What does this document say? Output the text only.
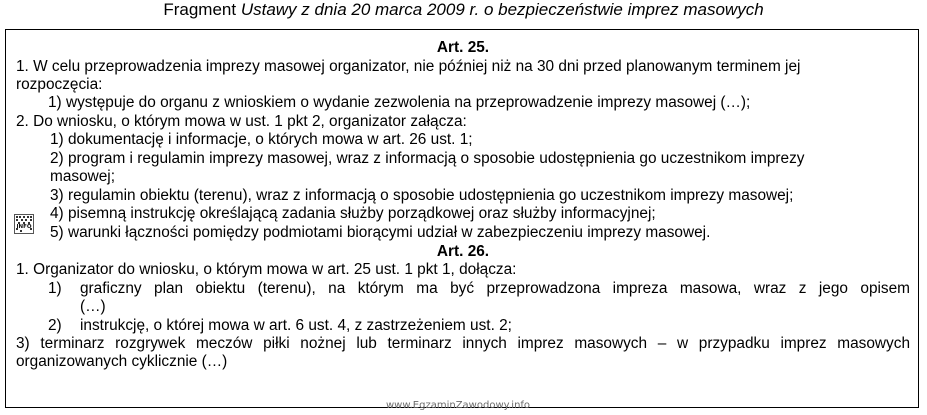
Fragment Ustawy z dnia 20 marca 2009 r. o bezpieczeństwie imprez masowych
Art. 25.
1. W celu przeprowadzenia imprezy masowej organizator, nie później niż na 30 dni przed planowanym terminem jej
rozpoczęcia:
1) występuje do organu z wnioskiem o wydanie zezwolenia na przeprowadzenie imprezy masowej (…);
2. Do wniosku, o którym mowa w ust. 1 pkt 2, organizator załącza:
1) dokumentację i informacje, o których mowa w art. 26 ust. 1;
2) program i regulamin imprezy masowej, wraz z informacją o sposobie udostępnienia go uczestnikom imprezy
masowej;
3) regulamin obiektu (terenu), wraz z informacją o sposobie udostępnienia go uczestnikom imprezy masowej;
4) pisemną instrukcję określającą zadania służby porządkowej oraz służby informacyjnej;
5) warunki łączności pomiędzy podmiotami biorącymi udział w zabezpieczeniu imprezy masowej.
Art. 26.
1. Organizator do wniosku, o którym mowa w art. 25 ust. 1 pkt 1, dołącza:
1) graficzny plan obiektu (terenu), na którym ma być przeprowadzona impreza masowa, wraz z jego opisem
(…)
2) instrukcję, o której mowa w art. 6 ust. 4, z zastrzeżeniem ust. 2;
3) terminarz rozgrywek meczów piłki nożnej lub terminarz innych imprez masowych – w przypadku imprez masowych
organizowanych cyklicznie (…)
INFO
www.EgzaminZawodowy.info
